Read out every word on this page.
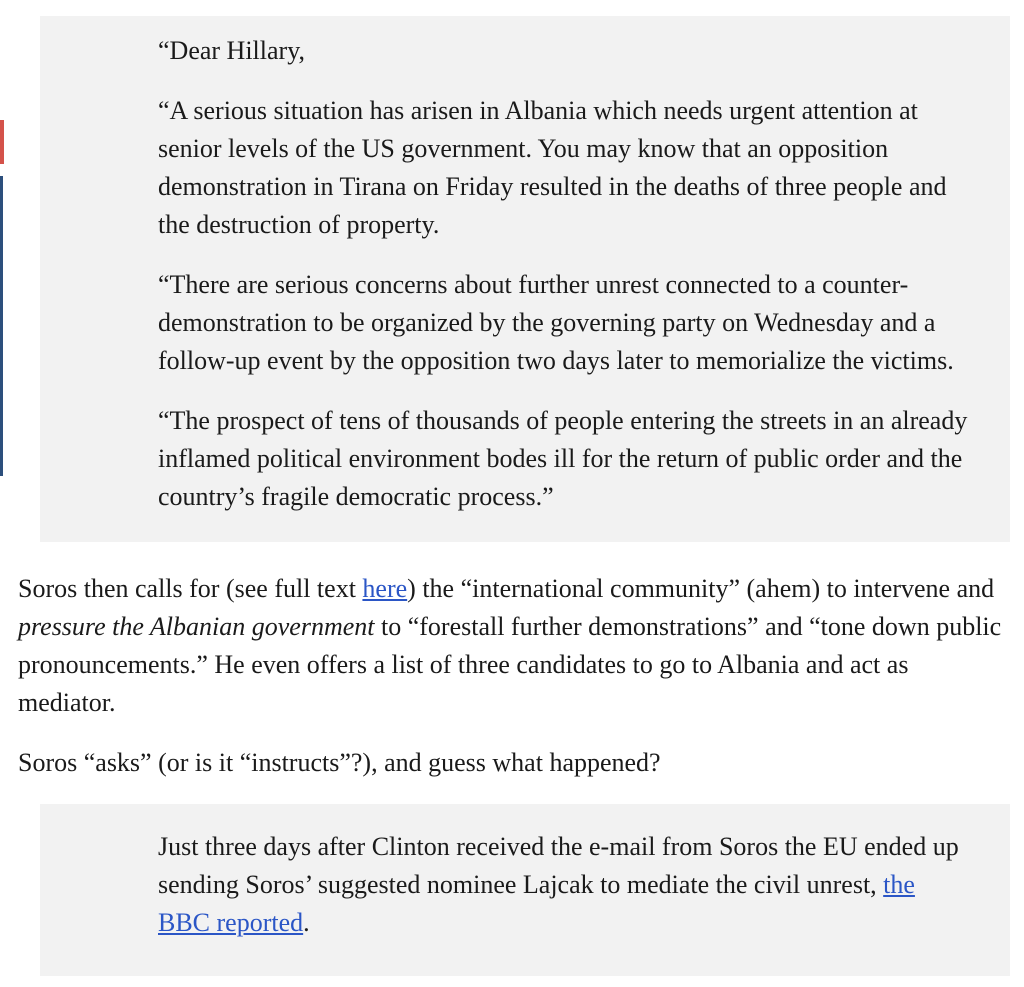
“Dear Hillary,

“A serious situation has arisen in Albania which needs urgent attention at senior levels of the US government. You may know that an opposition demonstration in Tirana on Friday resulted in the deaths of three people and the destruction of property.

“There are serious concerns about further unrest connected to a counter-demonstration to be organized by the governing party on Wednesday and a follow-up event by the opposition two days later to memorialize the victims.

“The prospect of tens of thousands of people entering the streets in an already inflamed political environment bodes ill for the return of public order and the country’s fragile democratic process.”

Soros then calls for (see full text here) the “international community” (ahem) to intervene and pressure the Albanian government to “forestall further demonstrations” and “tone down public pronouncements.” He even offers a list of three candidates to go to Albania and act as mediator.

Soros “asks” (or is it “instructs”?), and guess what happened?

Just three days after Clinton received the e-mail from Soros the EU ended up sending Soros’ suggested nominee Lajcak to mediate the civil unrest, the BBC reported.
